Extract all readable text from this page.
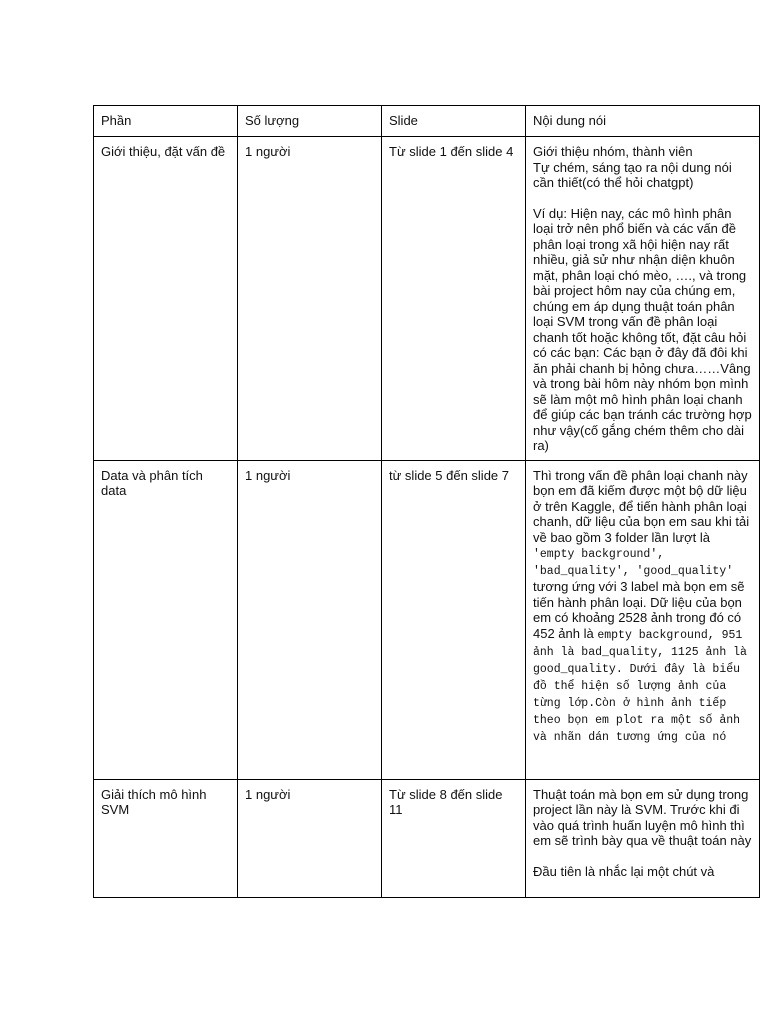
Phần	Số lượng	Slide	Nội dung nói
Giới thiệu, đặt vấn đề	1 người	Từ slide 1 đến slide 4	Giới thiệu nhóm, thành viên

Tự chém, sáng tạo ra nội dung nói cần thiết(có thể hỏi chatgpt)

Ví dụ: Hiện nay, các mô hình phân loại trở nên phổ biến và các vấn đề phân loại trong xã hội hiện nay rất nhiều, giả sử như nhận diện khuôn mặt, phân loại chó mèo, …., và trong bài project hôm nay của chúng em, chúng em áp dụng thuật toán phân loại SVM trong vấn đề phân loại chanh tốt hoặc không tốt, đặt câu hỏi có các bạn: Các bạn ở đây đã đôi khi ăn phải chanh bị hỏng chưa……Vâng và trong bài hôm này nhóm bọn mình sẽ làm một mô hình phân loại chanh để giúp các bạn tránh các trường hợp như vậy(cố gắng chém thêm cho dài ra)

Data và phân tích data	1 người	từ slide 5 đến slide 7	Thì trong vấn đề phân loại chanh này bọn em đã kiếm được một bộ dữ liệu ở trên Kaggle, để tiến hành phân loại chanh, dữ liệu của bọn em sau khi tải về bao gồm 3 folder lần lượt là 'empty background', 'bad_quality', 'good_quality'

tương ứng với 3 label mà bọn em sẽ tiến hành phân loại. Dữ liệu của bọn em có khoảng 2528 ảnh trong đó có 452 ảnh là empty background, 951 ảnh là bad_quality, 1125 ảnh là good_quality. Dưới đây là biểu đồ thể hiện số lượng ảnh của từng lớp.Còn ở hình ảnh tiếp theo bọn em plot ra một số ảnh và nhãn dán tương ứng của nó

Giải thích mô hình SVM	1 người	Từ slide 8 đến slide 11	Thuật toán mà bọn em sử dụng trong project lần này là SVM. Trước khi đi vào quá trình huấn luyện mô hình thì em sẽ trình bày qua về thuật toán này

Đầu tiên là nhắc lại một chút và
